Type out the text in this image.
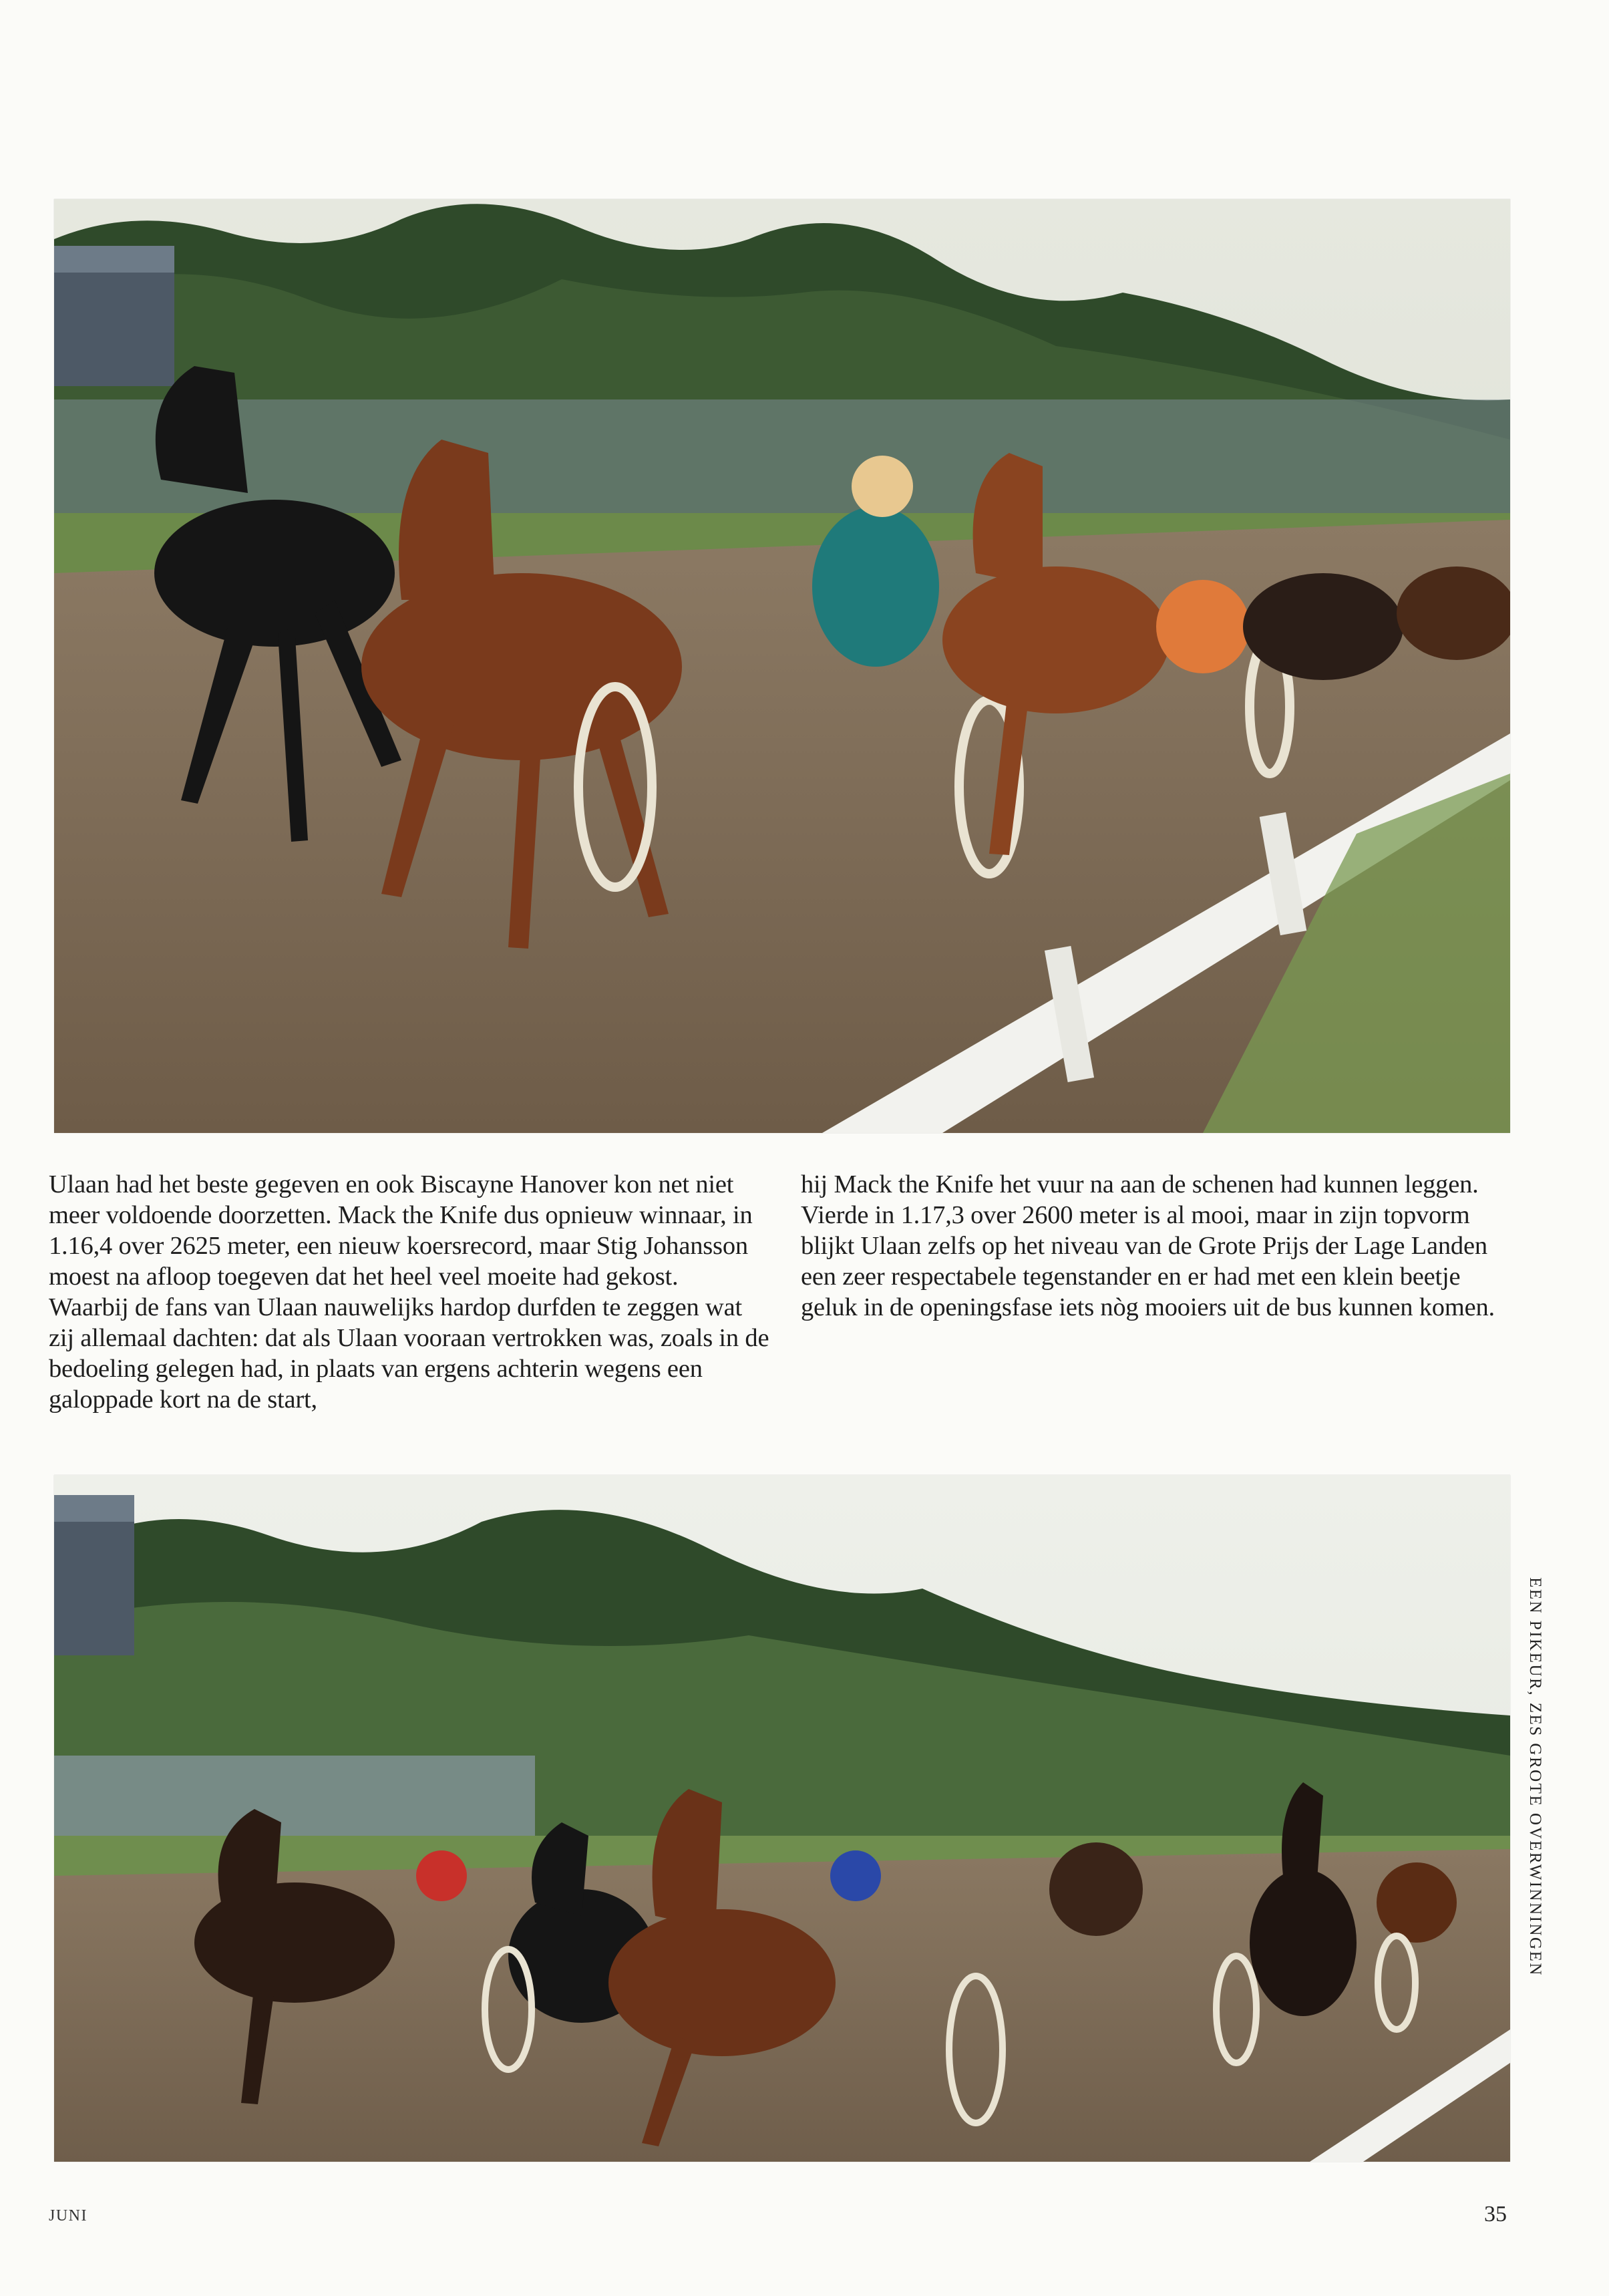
Ulaan had het beste gegeven en ook Biscayne Hanover kon net niet meer voldoende doorzetten. Mack the Knife dus opnieuw winnaar, in 1.16,4 over 2625 meter, een nieuw koersrecord, maar Stig Johansson moest na afloop toegeven dat het heel veel moeite had gekost.

Waarbij de fans van Ulaan nauwelijks hardop durfden te zeggen wat zij allemaal dachten: dat als Ulaan vooraan vertrokken was, zoals in de bedoeling gelegen had, in plaats van ergens achterin wegens een galoppade kort na de start,

hij Mack the Knife het vuur na aan de schenen had kunnen leggen. Vierde in 1.17,3 over 2600 meter is al mooi, maar in zijn topvorm blijkt Ulaan zelfs op het niveau van de Grote Prijs der Lage Landen een zeer respectabele tegenstander en er had met een klein beetje geluk in de openingsfase iets nòg mooiers uit de bus kunnen komen.

EEN PIKEUR, ZES GROTE OVERWINNINGEN
JUNI	35
